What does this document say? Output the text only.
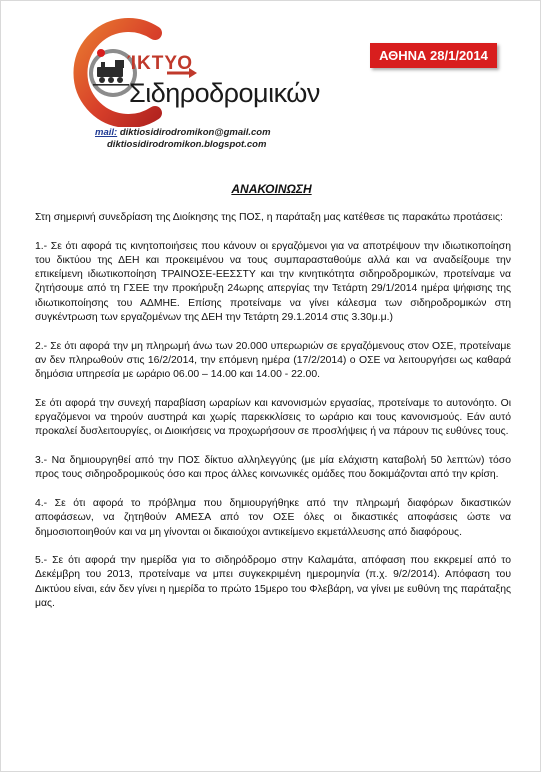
ΊΚΤΥΟ
Σιδηροδρομικών
ΑΘΗΝΑ 28/1/2014
mail: diktiosidirodromikon@gmail.com
diktiosidirodromikon.blogspot.com
ΑΝΑΚΟΙΝΩΣΗ

Στη σημερινή συνεδρίαση της Διοίκησης της ΠΟΣ, η παράταξη μας κατέθεσε τις παρακάτω προτάσεις:

1.- Σε ότι αφορά τις κινητοποιήσεις που κάνουν οι εργαζόμενοι για να αποτρέψουν την ιδιωτικοποίηση του δικτύου της ΔΕΗ και προκειμένου να τους συμπαρασταθούμε αλλά και να αναδείξουμε την επικείμενη ιδιωτικοποίηση ΤΡΑΙΝΟΣΕ-ΕΕΣΣΤΥ και την κινητικότητα σιδηροδρομικών, προτείναμε να ζητήσουμε από τη ΓΣΕΕ την προκήρυξη 24ωρης απεργίας την Τετάρτη 29/1/2014 ημέρα ψήφισης της ιδιωτικοποίησης του ΑΔΜΗΕ. Επίσης προτείναμε να γίνει κάλεσμα των σιδηροδρομικών στη συγκέντρωση των εργαζομένων της ΔΕΗ την Τετάρτη 29.1.2014 στις 3.30μ.μ.)

2.- Σε ότι αφορά την μη πληρωμή άνω των 20.000 υπερωριών σε εργαζόμενους στον ΟΣΕ, προτείναμε αν δεν πληρωθούν στις 16/2/2014, την επόμενη ημέρα (17/2/2014) ο ΟΣΕ να λειτουργήσει ως καθαρά δημόσια υπηρεσία με ωράριο 06.00 – 14.00 και 14.00 - 22.00.

Σε ότι αφορά την συνεχή παραβίαση ωραρίων και κανονισμών εργασίας, προτείναμε το αυτονόητο. Οι εργαζόμενοι να τηρούν αυστηρά και χωρίς παρεκκλίσεις το ωράριο και τους κανονισμούς. Εάν αυτό προκαλεί δυσλειτουργίες, οι Διοικήσεις να προχωρήσουν σε προσλήψεις ή να πάρουν τις ευθύνες τους.

3.- Να δημιουργηθεί από την ΠΟΣ δίκτυο αλληλεγγύης (με μία ελάχιστη καταβολή 50 λεπτών) τόσο προς τους σιδηροδρομικούς όσο και προς άλλες κοινωνικές ομάδες που δοκιμάζονται από την κρίση.

4.- Σε ότι αφορά το πρόβλημα που δημιουργήθηκε από την πληρωμή διαφόρων δικαστικών αποφάσεων, να ζητηθούν ΑΜΕΣΑ από τον ΟΣΕ όλες οι δικαστικές αποφάσεις ώστε να δημοσιοποιηθούν και να μη γίνονται οι δικαιούχοι αντικείμενο εκμετάλλευσης από διαφόρους.

5.- Σε ότι αφορά την ημερίδα για το σιδηρόδρομο στην Καλαμάτα, απόφαση που εκκρεμεί από το Δεκέμβρη του 2013, προτείναμε να μπει συγκεκριμένη ημερομηνία (π.χ. 9/2/2014). Απόφαση του Δικτύου είναι, εάν δεν γίνει η ημερίδα το πρώτο 15μερο του Φλεβάρη, να γίνει με ευθύνη της παράταξης μας.
